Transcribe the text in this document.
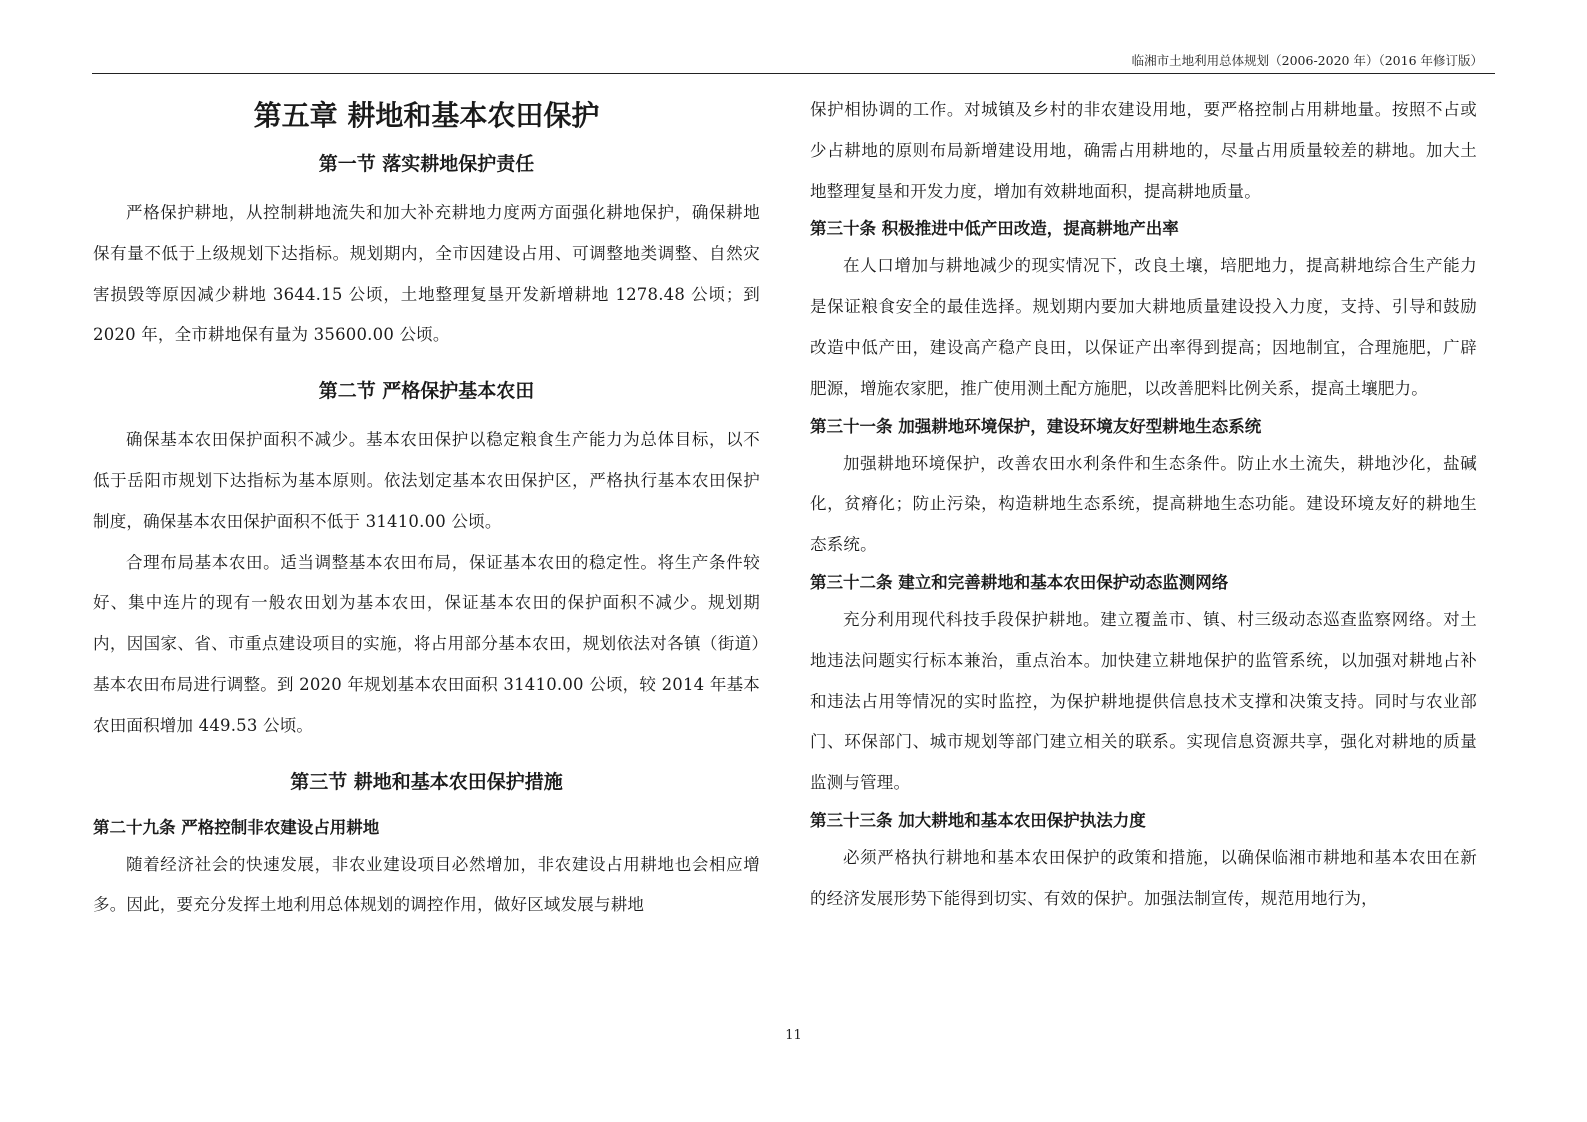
临湘市土地利用总体规划（2006-2020 年）（2016 年修订版）
第五章 耕地和基本农田保护
第一节 落实耕地保护责任

严格保护耕地，从控制耕地流失和加大补充耕地力度两方面强化耕地保护，确保耕地保有量不低于上级规划下达指标。规划期内，全市因建设占用、可调整地类调整、自然灾害损毁等原因减少耕地 3644.15 公顷，土地整理复垦开发新增耕地 1278.48 公顷；到 2020 年，全市耕地保有量为 35600.00 公顷。

第二节 严格保护基本农田

确保基本农田保护面积不减少。基本农田保护以稳定粮食生产能力为总体目标，以不低于岳阳市规划下达指标为基本原则。依法划定基本农田保护区，严格执行基本农田保护制度，确保基本农田保护面积不低于 31410.00 公顷。

合理布局基本农田。适当调整基本农田布局，保证基本农田的稳定性。将生产条件较好、集中连片的现有一般农田划为基本农田，保证基本农田的保护面积不减少。规划期内，因国家、省、市重点建设项目的实施，将占用部分基本农田，规划依法对各镇（街道）基本农田布局进行调整。到 2020 年规划基本农田面积 31410.00 公顷，较 2014 年基本农田面积增加 449.53 公顷。

第三节 耕地和基本农田保护措施
第二十九条 严格控制非农建设占用耕地

随着经济社会的快速发展，非农业建设项目必然增加，非农建设占用耕地也会相应增多。因此，要充分发挥土地利用总体规划的调控作用，做好区域发展与耕地

保护相协调的工作。对城镇及乡村的非农建设用地，要严格控制占用耕地量。按照不占或少占耕地的原则布局新增建设用地，确需占用耕地的，尽量占用质量较差的耕地。加大土地整理复垦和开发力度，增加有效耕地面积，提高耕地质量。

第三十条 积极推进中低产田改造，提高耕地产出率

在人口增加与耕地减少的现实情况下，改良土壤，培肥地力，提高耕地综合生产能力是保证粮食安全的最佳选择。规划期内要加大耕地质量建设投入力度，支持、引导和鼓励改造中低产田，建设高产稳产良田，以保证产出率得到提高；因地制宜，合理施肥，广辟肥源，增施农家肥，推广使用测土配方施肥，以改善肥料比例关系，提高土壤肥力。

第三十一条 加强耕地环境保护，建设环境友好型耕地生态系统

加强耕地环境保护，改善农田水利条件和生态条件。防止水土流失，耕地沙化，盐碱化，贫瘠化；防止污染，构造耕地生态系统，提高耕地生态功能。建设环境友好的耕地生态系统。

第三十二条 建立和完善耕地和基本农田保护动态监测网络

充分利用现代科技手段保护耕地。建立覆盖市、镇、村三级动态巡查监察网络。对土地违法问题实行标本兼治，重点治本。加快建立耕地保护的监管系统，以加强对耕地占补和违法占用等情况的实时监控，为保护耕地提供信息技术支撑和决策支持。同时与农业部门、环保部门、城市规划等部门建立相关的联系。实现信息资源共享，强化对耕地的质量监测与管理。

第三十三条 加大耕地和基本农田保护执法力度

必须严格执行耕地和基本农田保护的政策和措施，以确保临湘市耕地和基本农田在新的经济发展形势下能得到切实、有效的保护。加强法制宣传，规范用地行为，

11
